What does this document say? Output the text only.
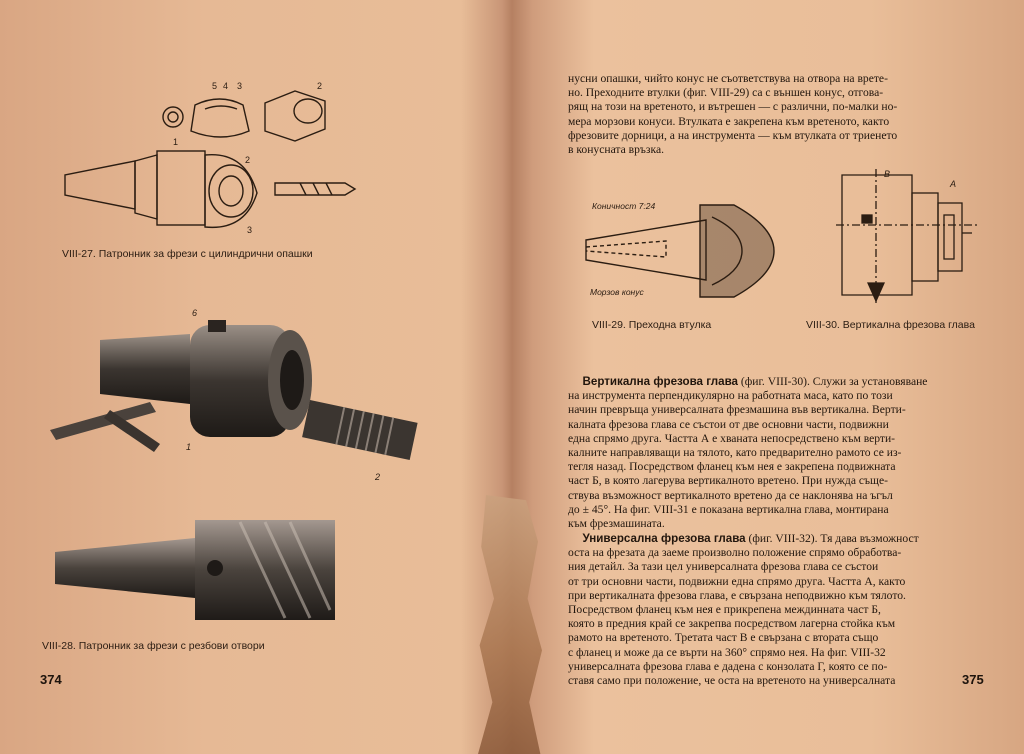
5 4 3	2
1
2
3
VIII-27. Патронник за фрези с цилиндрични опашки
6
1
2
VIII-28. Патронник за фрези с резбови отвори
374
нусни опашки, чийто конус не съответствува на отвора на врете-
но. Преходните втулки (фиг. VIII-29) са с външен конус, отгова-
рящ на този на вретеното, и вътрешен — с различни, по-малки но-
мера морзови конуси. Втулката е закрепена към вретеното, както
фрезовите дорници, а на инструмента — към втулката от триенето
в конусната връзка.
Коничност 7:24
Морзов конус
VIII-29. Преходна втулка
В
А
VIII-30. Вертикална фрезова глава
Вертикална фрезова глава (фиг. VIII-30). Служи за установяване
на инструмента перпендикулярно на работната маса, като по този
начин превръща универсалната фрезмашина във вертикална. Верти-
калната фрезова глава се състои от две основни части, подвижни
една спрямо друга. Частта А е хваната непосредствено към верти-
калните направляващи на тялото, като предварително рамото се из-
тегля назад. Посредством фланец към нея е закрепена подвижната
част Б, в която лагерува вертикалното вретено. При нужда съще-
ствува възможност вертикалното вретено да се наклонява на ъгъл
до ± 45°. На фиг. VIII-31 е показана вертикална глава, монтирана
към фрезмашината.
Универсална фрезова глава (фиг. VIII-32). Тя дава възможност
оста на фрезата да заеме произволно положение спрямо обработва-
ния детайл. За тази цел универсалната фрезова глава се състои
от три основни части, подвижни една спрямо друга. Частта А, както
при вертикалната фрезова глава, е свързана неподвижно към тялото.
Посредством фланец към нея е прикрепена междинната част Б,
която в предния край се закрепва посредством лагерна стойка към
рамото на вретеното. Третата част В е свързана с втората също
с фланец и може да се върти на 360° спрямо нея. На фиг. VIII-32
универсалната фрезова глава е дадена с конзолата Г, която се по-
ставя само при положение, че оста на вретеното на универсалната	375
